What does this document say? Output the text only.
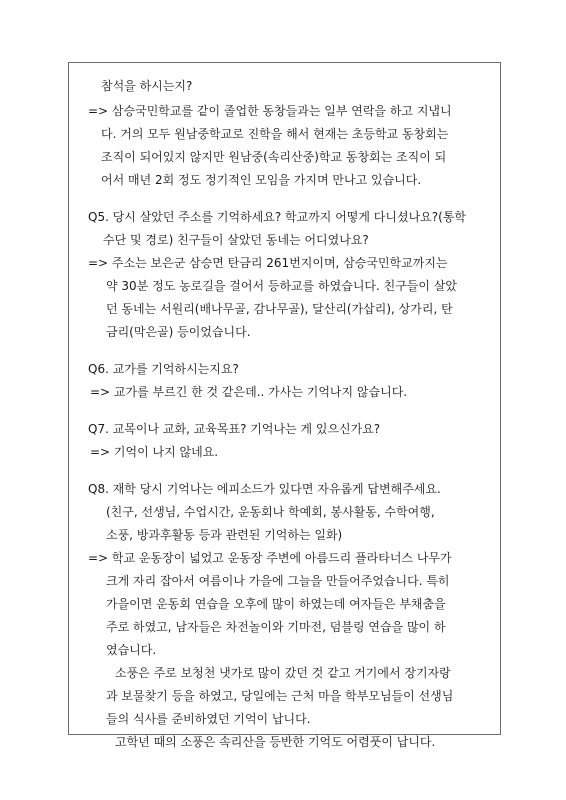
참석을 하시는지?
=> 삼승국민학교를 같이 졸업한 동창들과는 일부 연락을 하고 지냅니
다. 거의 모두 원남중학교로 진학을 해서 현재는 초등학교 동창회는
조직이 되어있지 않지만 원남중(속리산중)학교 동창회는 조직이 되
어서 매년 2회 정도 정기적인 모임을 가지며 만나고 있습니다.
Q5. 당시 살았던 주소를 기억하세요? 학교까지 어떻게 다니셨나요?(통학
수단 및 경로) 친구들이 살았던 동네는 어디였나요?
=> 주소는 보은군 삼승면 탄금리 261번지이며, 삼승국민학교까지는
약 30분 정도 농로길을 걸어서 등하교를 하였습니다. 친구들이 살았
던 동네는 서원리(배나무골, 감나무골), 달산리(가삽리), 상가리, 탄
금리(막은골) 등이었습니다.
Q6. 교가를 기억하시는지요?
=> 교가를 부르긴 한 것 같은데.. 가사는 기억나지 않습니다.
Q7. 교목이나 교화, 교육목표? 기억나는 게 있으신가요?
=> 기억이 나지 않네요.
Q8. 재학 당시 기억나는 에피소드가 있다면 자유롭게 답변해주세요.
(친구, 선생님, 수업시간, 운동회나 학예회, 봉사활동, 수학여행,
소풍, 방과후활동 등과 관련된 기억하는 일화)
=> 학교 운동장이 넓었고 운동장 주변에 아름드리 플라타너스 나무가
크게 자리 잡아서 여름이나 가을에 그늘을 만들어주었습니다. 특히
가을이면 운동회 연습을 오후에 많이 하였는데 여자들은 부채춤을
주로 하였고, 남자들은 차전놀이와 기마전, 덤블링 연습을 많이 하
였습니다.
소풍은 주로 보청천 냇가로 많이 갔던 것 같고 거기에서 장기자랑
과 보물찾기 등을 하였고, 당일에는 근처 마을 학부모님들이 선생님
들의 식사를 준비하였던 기억이 납니다.
고학년 때의 소풍은 속리산을 등반한 기억도 어렴풋이 납니다.
